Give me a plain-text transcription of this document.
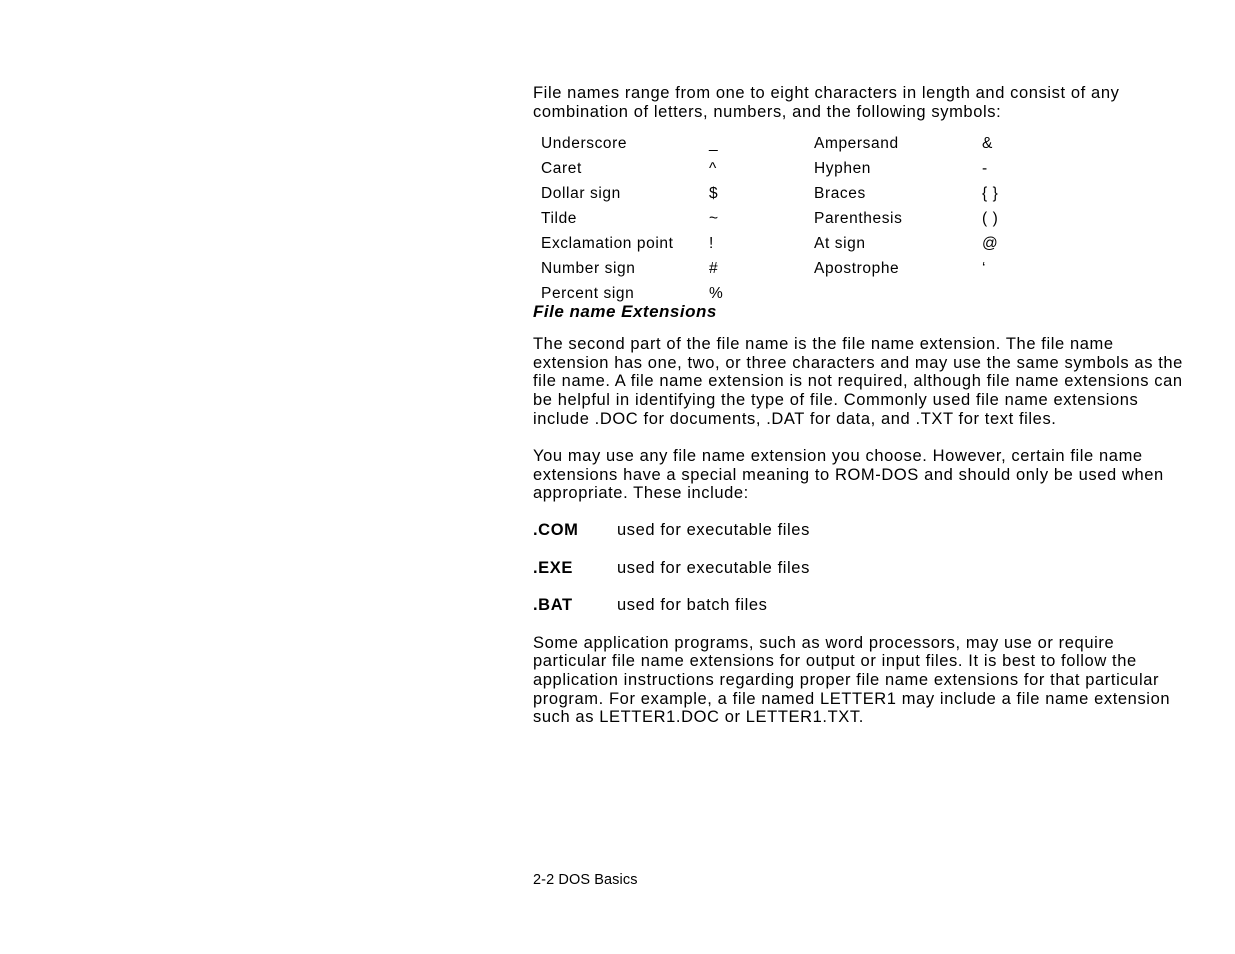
File names range from one to eight characters in length and consist of any combination of letters, numbers, and the following symbols:

Underscore	_	Ampersand	&
Caret	^	Hyphen	-
Dollar sign	$	Braces	{ }
Tilde	~	Parenthesis	( )
Exclamation point	!	At sign	@
Number sign	#	Apostrophe	‘
Percent sign	%		
File name Extensions

The second part of the file name is the file name extension. The file name extension has one, two, or three characters and may use the same symbols as the file name. A file name extension is not required, although file name extensions can be helpful in identifying the type of file. Commonly used file name extensions include .DOC for documents, .DAT for data, and .TXT for text files.

You may use any file name extension you choose. However, certain file name extensions have a special meaning to ROM-DOS and should only be used when appropriate. These include:

.COM	used for executable files
.EXE	used for executable files
.BAT	used for batch files

Some application programs, such as word processors, may use or require particular file name extensions for output or input files. It is best to follow the application instructions regarding proper file name extensions for that particular program. For example, a file named LETTER1 may include a file name extension such as LETTER1.DOC or LETTER1.TXT.

2-2 DOS Basics
